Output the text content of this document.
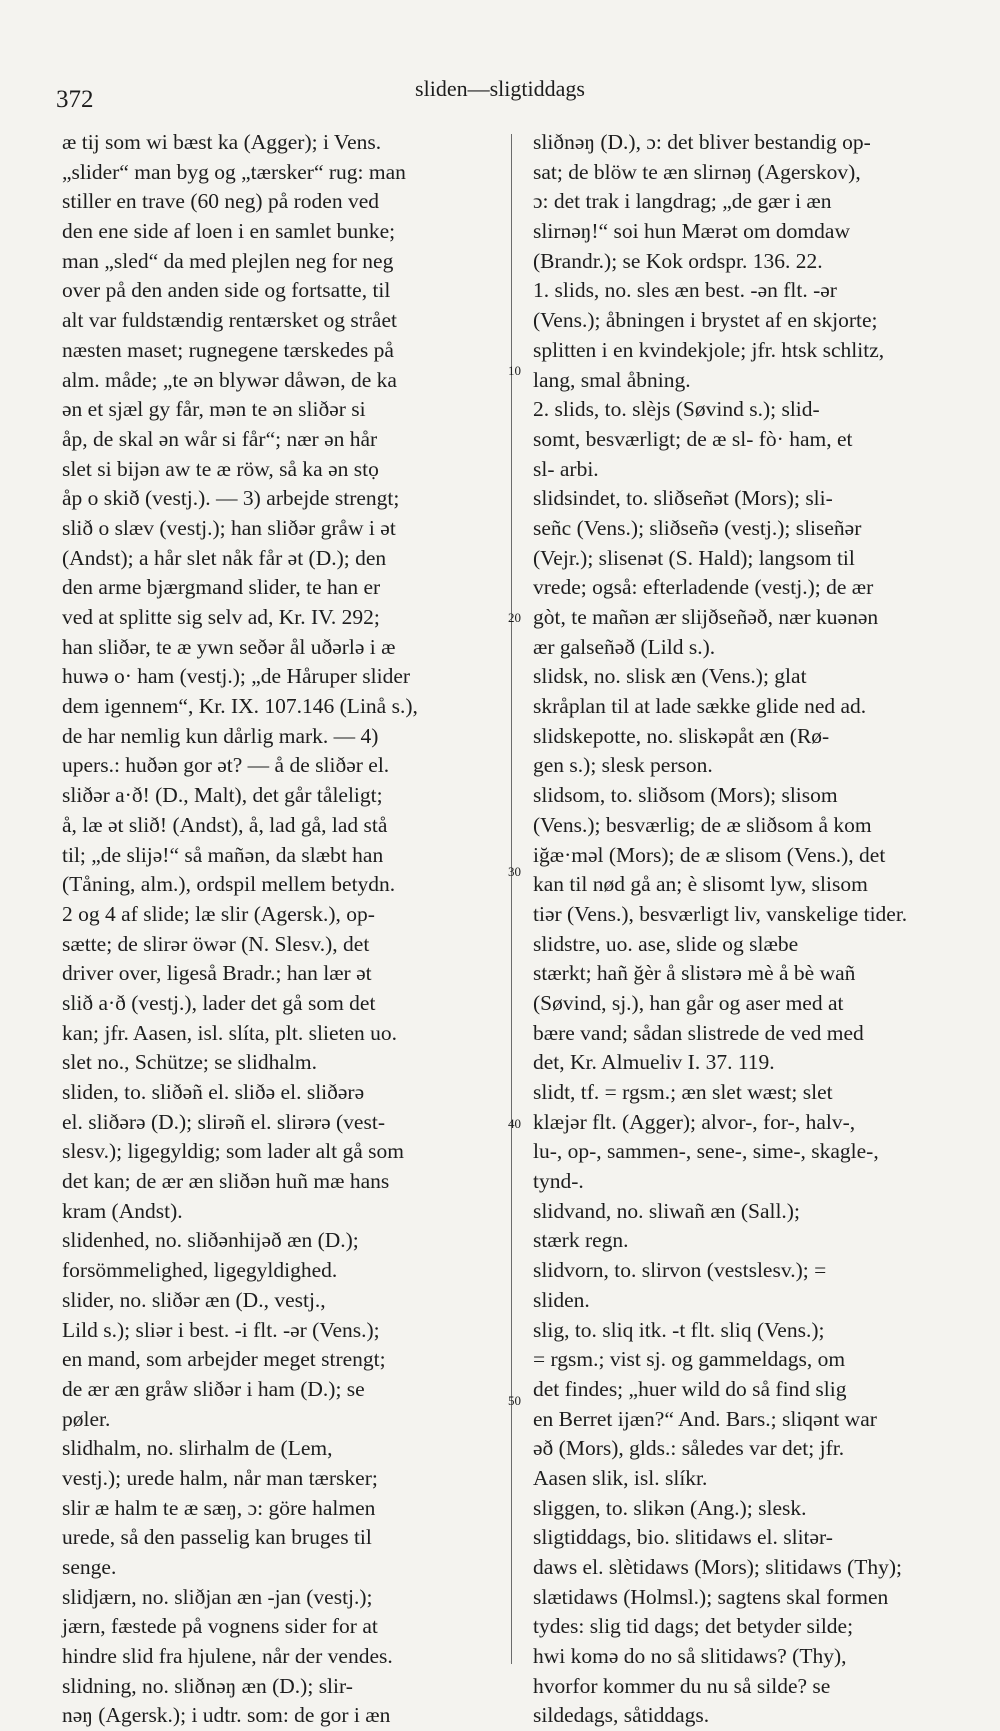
372	sliden—sligtiddags
æ tij som wi bæst ka (Agger); i Vens.
„slider“ man byg og „tærsker“ rug: man
stiller en trave (60 neg) på roden ved
den ene side af loen i en samlet bunke;
man „sled“ da med plejlen neg for neg
over på den anden side og fortsatte, til
alt var fuldstændig rentærsket og strået
næsten maset; rugnegene tærskedes på
alm. måde; „te ən blywər dåwən, de ka
ən et sjæl gy får, mən te ən sliðər si
åp, de skal ən wår si får“; nær ən hår
slet si bijən aw te æ röw, så ka ən stọ
åp o skið (vestj.). — 3) arbejde strengt;
slið o slæv (vestj.); han sliðər gråw i ət
(Andst); a hår slet nåk får ət (D.); den
den arme bjærgmand slider, te han er
ved at splitte sig selv ad, Kr. IV. 292;
han sliðər, te æ ywn seðər ål uðərlə i æ
huwə o· ham (vestj.); „de Håruper slider
dem igennem“, Kr. IX. 107.146 (Linå s.),
de har nemlig kun dårlig mark. — 4)
upers.: huðən gor ət? — å de sliðər el.
sliðər a·ð! (D., Malt), det går tåleligt;
å, læ ət slið! (Andst), å, lad gå, lad stå
til; „de slijə!“ så mañən, da slæbt han
(Tåning, alm.), ordspil mellem betydn.
2 og 4 af slide; læ slir (Agersk.), op-
sætte; de slirər öwər (N. Slesv.), det
driver over, ligeså Bradr.; han lær ət
slið a·ð (vestj.), lader det gå som det
kan; jfr. Aasen, isl. slíta, plt. slieten uo.
slet no., Schütze; se slidhalm.
sliden, to. sliðəñ el. sliðə el. sliðərə
el. sliðərə (D.); slirəñ el. slirərə (vest-
slesv.); ligegyldig; som lader alt gå som
det kan; de ær æn sliðən huñ mæ hans
kram (Andst).
slidenhed, no. sliðənhijəð æn (D.);
forsömmelighed, ligegyldighed.
slider, no. sliðər æn (D., vestj.,
Lild s.); sliər i best. -i flt. -ər (Vens.);
en mand, som arbejder meget strengt;
de ær æn gråw sliðər i ham (D.); se
pøler.
slidhalm, no. slirhalm de (Lem,
vestj.); urede halm, når man tærsker;
slir æ halm te æ sæŋ, ɔ: göre halmen
urede, så den passelig kan bruges til
senge.
slidjærn, no. sliðjan æn -jan (vestj.);
jærn, fæstede på vognens sider for at
hindre slid fra hjulene, når der vendes.
slidning, no. sliðnəŋ æn (D.); slir-
nəŋ (Agersk.); i udtr. som: de gor i æn
sliðnəŋ (D.), ɔ: det bliver bestandig op-
sat; de blöw te æn slirnəŋ (Agerskov),
ɔ: det trak i langdrag; „de gær i æn
slirnəŋ!“ soi hun Mærət om domdaw
(Brandr.); se Kok ordspr. 136. 22.
1. slids, no. sles æn best. -ən flt. -ər
(Vens.); åbningen i brystet af en skjorte;
splitten i en kvindekjole; jfr. htsk schlitz,
lang, smal åbning.
2. slids, to. slèjs (Søvind s.); slid-
somt, besværligt; de æ sl- fò· ham, et
sl- arbi.
slidsindet, to. sliðseñət (Mors); sli-
señc (Vens.); sliðseñə (vestj.); sliseñər
(Vejr.); slisenət (S. Hald); langsom til
vrede; også: efterladende (vestj.); de ær
gòt, te mañən ær slijðseñəð, nær kuənən
ær galseñəð (Lild s.).
slidsk, no. slisk æn (Vens.); glat
skråplan til at lade sække glide ned ad.
slidskepotte, no. sliskəpåt æn (Rø-
gen s.); slesk person.
slidsom, to. sliðsom (Mors); slisom
(Vens.); besværlig; de æ sliðsom å kom
iğæ·məl (Mors); de æ slisom (Vens.), det
kan til nød gå an; è slisomt lyw, slisom
tiər (Vens.), besværligt liv, vanskelige tider.
slidstre, uo. ase, slide og slæbe
stærkt; hañ ğèr å slistərə mè å bè wañ
(Søvind, sj.), han går og aser med at
bære vand; sådan slistrede de ved med
det, Kr. Almueliv I. 37. 119.
slidt, tf. = rgsm.; æn slet wæst; slet
klæjər flt. (Agger); alvor-, for-, halv-,
lu-, op-, sammen-, sene-, sime-, skagle-,
tynd-.
slidvand, no. sliwañ æn (Sall.);
stærk regn.
slidvorn, to. slirvon (vestslesv.); =
sliden.
slig, to. sliq itk. -t flt. sliq (Vens.);
= rgsm.; vist sj. og gammeldags, om
det findes; „huer wild do så find slig
en Berret ijæn?“ And. Bars.; sliqənt war
əð (Mors), glds.: således var det; jfr.
Aasen slik, isl. slíkr.
sliggen, to. slikən (Ang.); slesk.
sligtiddags, bio. slitidaws el. slitər-
daws el. slètidaws (Mors); slitidaws (Thy);
slætidaws (Holmsl.); sagtens skal formen
tydes: slig tid dags; det betyder silde;
hwi komə do no så slitidaws? (Thy),
hvorfor kommer du nu så silde? se
sildedags, såtiddags.
10
20
30
40
50
